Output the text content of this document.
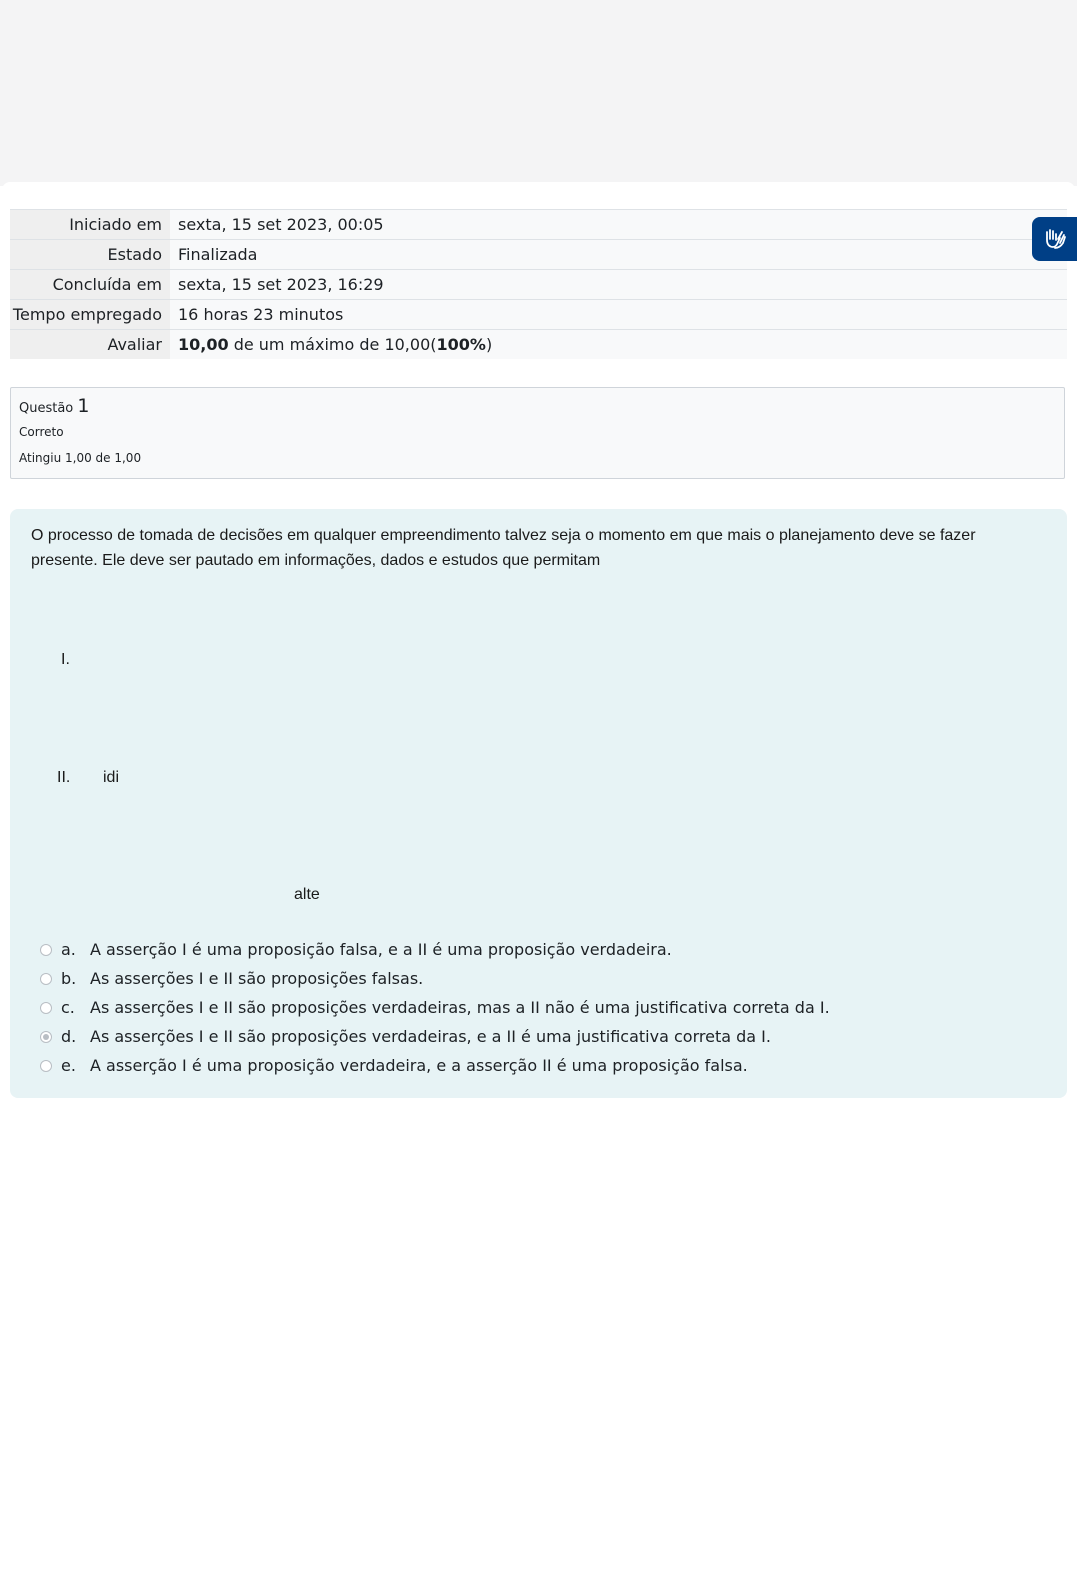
Iniciado em	sexta, 15 set 2023, 00:05
Estado	Finalizada
Concluída em	sexta, 15 set 2023, 16:29
Tempo empregado	16 horas 23 minutos
Avaliar	10,00 de um máximo de 10,00(100%)
Questão 1
Correto
Atingiu 1,00 de 1,00
O processo de tomada de decisões em qualquer empreendimento talvez seja o momento em que mais o planejamento deve se fazer presente. Ele deve ser pautado em informações, dados e estudos que permitam
I.
II. idi
alte
a. A asserção I é uma proposição falsa, e a II é uma proposição verdadeira.
b. As asserções I e II são proposições falsas.
c. As asserções I e II são proposições verdadeiras, mas a II não é uma justificativa correta da I.
d. As asserções I e II são proposições verdadeiras, e a II é uma justificativa correta da I.
e. A asserção I é uma proposição verdadeira, e a asserção II é uma proposição falsa.
